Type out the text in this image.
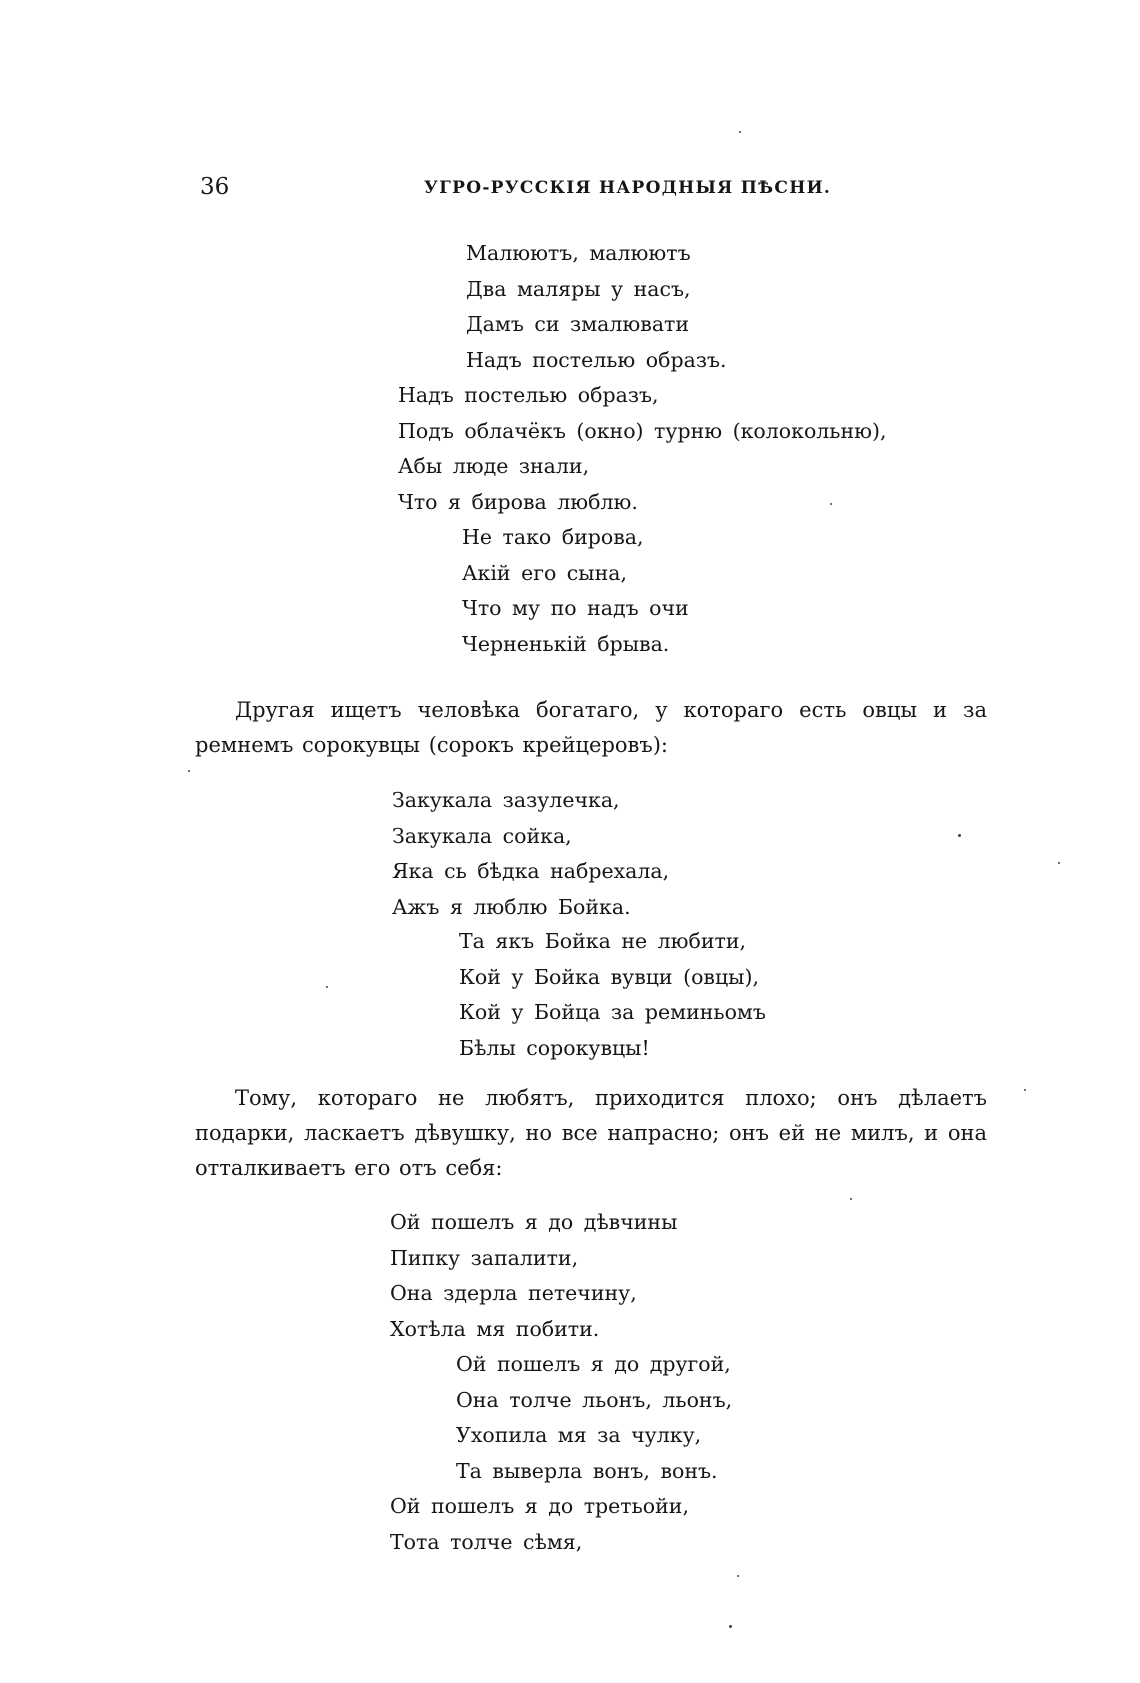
36	УГРО-РУССКІЯ НАРОДНЫЯ ПѢСНИ.
Малюютъ, малюютъ
Два маляры у насъ,
Дамъ си змалювати
Надъ постелью образъ.
Надъ постелью образъ,
Подъ облачёкъ (окно) турню (колокольню),
Абы люде знали,
Что я бирова люблю.
Не тако бирова,
Акій его сына,
Что му по надъ очи
Черненькій брыва.

Другая ищетъ человѣка богатаго, у котораго есть овцы и за ремнемъ сорокувцы (сорокъ крейцеровъ):

Закукала зазулечка,
Закукала сойка,
Яка сь бѣдка набрехала,
Ажъ я люблю Бойка.
Та якъ Бойка не любити,
Кой у Бойка вувци (овцы),
Кой у Бойца за реминьомъ
Бѣлы сорокувцы!

Тому, котораго не любятъ, приходится плохо; онъ дѣлаетъ подарки, ласкаетъ дѣвушку, но все напрасно; онъ ей не милъ, и она отталкиваетъ его отъ себя:

Ой пошелъ я до дѣвчины
Пипку запалити,
Она здерла петечину,
Хотѣла мя побити.
Ой пошелъ я до другой,
Она толче льонъ, льонъ,
Ухопила мя за чулку,
Та выверла вонъ, вонъ.
Ой пошелъ я до третьойи,
Тота толче сѣмя,
